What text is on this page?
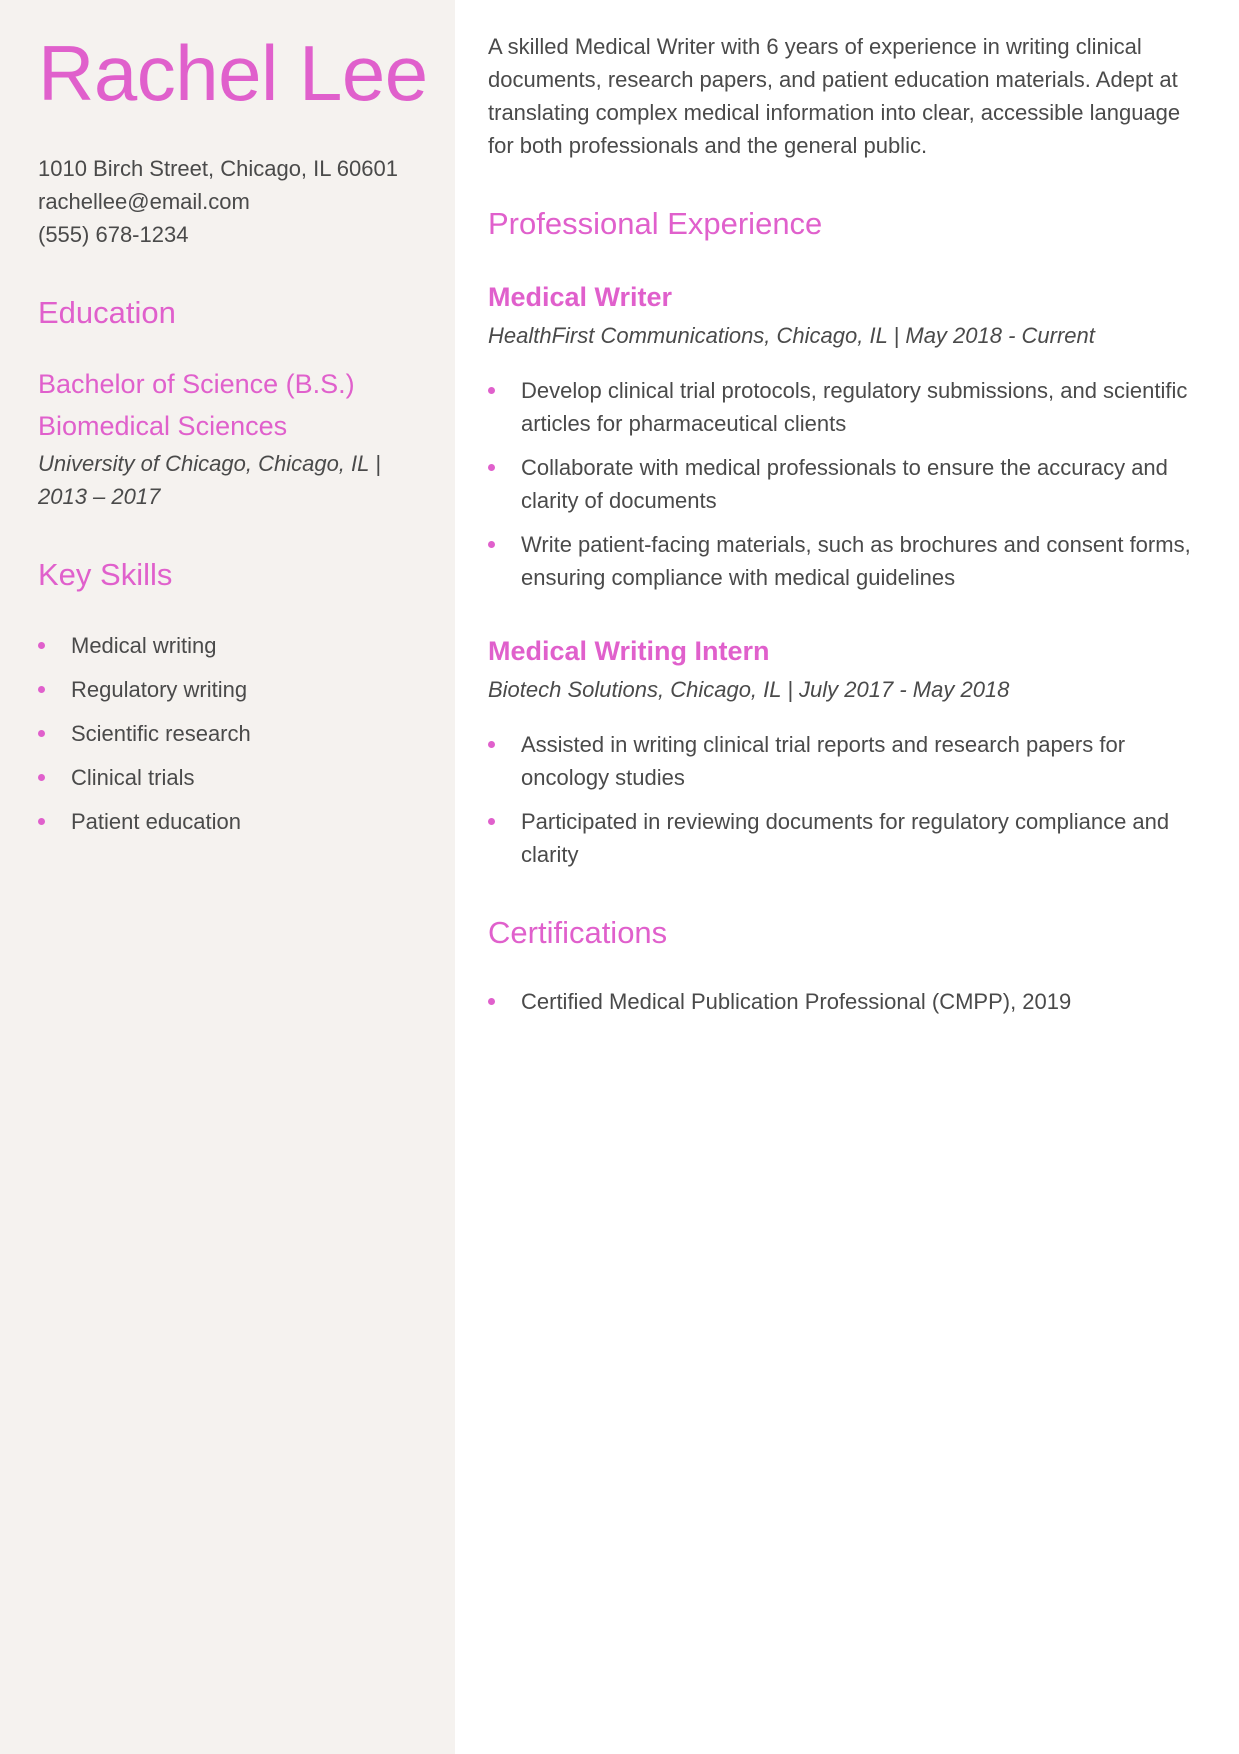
Rachel Lee
1010 Birch Street, Chicago, IL 60601
rachellee@email.com
(555) 678-1234
Education
Bachelor of Science (B.S.)
Biomedical Sciences
University of Chicago, Chicago, IL |
2013 – 2017
Key Skills
Medical writing
Regulatory writing
Scientific research
Clinical trials
Patient education

A skilled Medical Writer with 6 years of experience in writing clinical documents, research papers, and patient education materials. Adept at translating complex medical information into clear, accessible language for both professionals and the general public.

Professional Experience
Medical Writer
HealthFirst Communications, Chicago, IL | May 2018 - Current
Develop clinical trial protocols, regulatory submissions, and scientific articles for pharmaceutical clients
Collaborate with medical professionals to ensure the accuracy and clarity of documents
Write patient-facing materials, such as brochures and consent forms, ensuring compliance with medical guidelines
Medical Writing Intern
Biotech Solutions, Chicago, IL | July 2017 - May 2018
Assisted in writing clinical trial reports and research papers for oncology studies
Participated in reviewing documents for regulatory compliance and clarity
Certifications
Certified Medical Publication Professional (CMPP), 2019
